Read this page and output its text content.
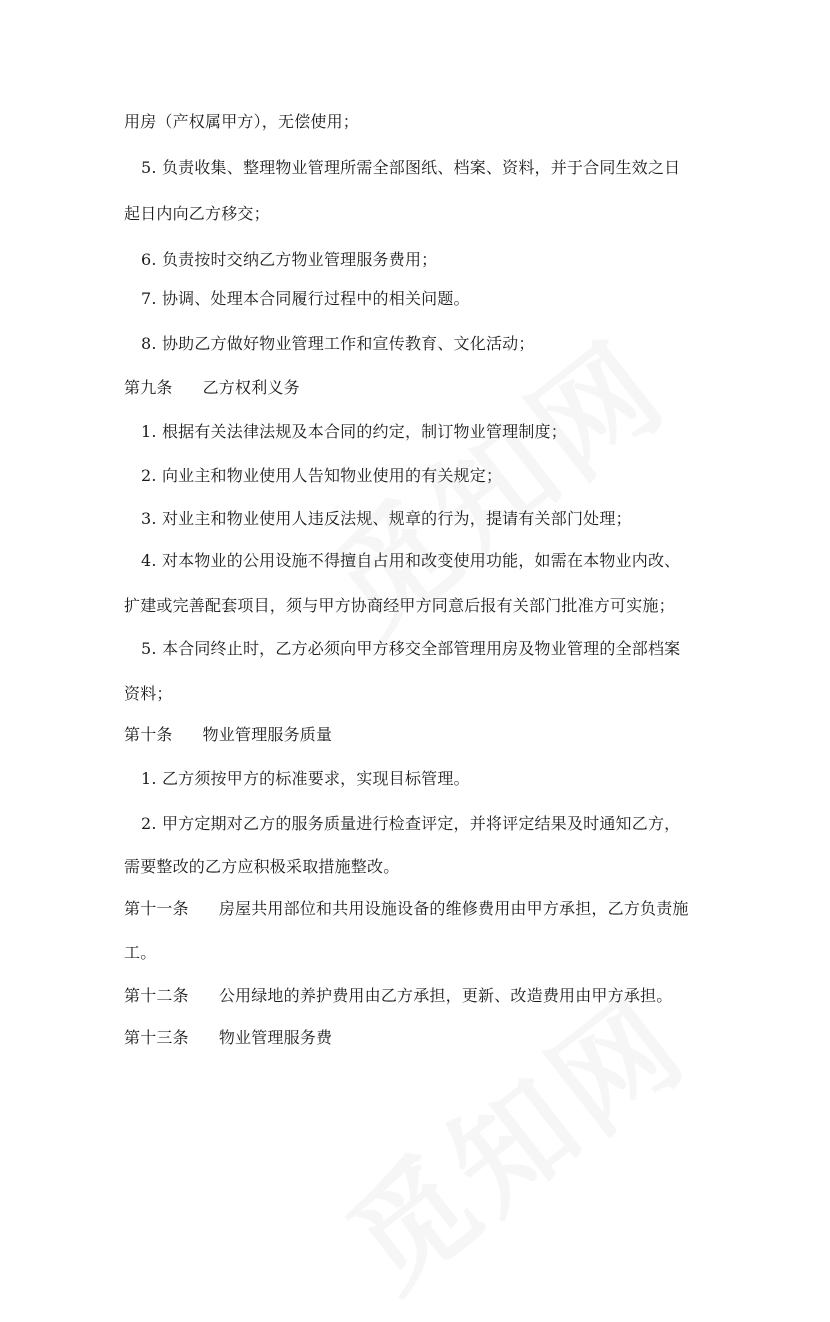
用房（产权属甲方），无偿使用；
5. 负责收集、整理物业管理所需全部图纸、档案、资料，并于合同生效之日
起日内向乙方移交；
6. 负责按时交纳乙方物业管理服务费用；
7. 协调、处理本合同履行过程中的相关问题。
8. 协助乙方做好物业管理工作和宣传教育、文化活动；
第九条 乙方权利义务
1. 根据有关法律法规及本合同的约定，制订物业管理制度；
2. 向业主和物业使用人告知物业使用的有关规定；
3. 对业主和物业使用人违反法规、规章的行为，提请有关部门处理；
4. 对本物业的公用设施不得擅自占用和改变使用功能，如需在本物业内改、
扩建或完善配套项目，须与甲方协商经甲方同意后报有关部门批准方可实施；
5. 本合同终止时，乙方必须向甲方移交全部管理用房及物业管理的全部档案
资料；
第十条 物业管理服务质量
1. 乙方须按甲方的标准要求，实现目标管理。
2. 甲方定期对乙方的服务质量进行检查评定，并将评定结果及时通知乙方，
需要整改的乙方应积极采取措施整改。
第十一条 房屋共用部位和共用设施设备的维修费用由甲方承担，乙方负责施
工。
第十二条 公用绿地的养护费用由乙方承担，更新、改造费用由甲方承担。
第十三条 物业管理服务费
